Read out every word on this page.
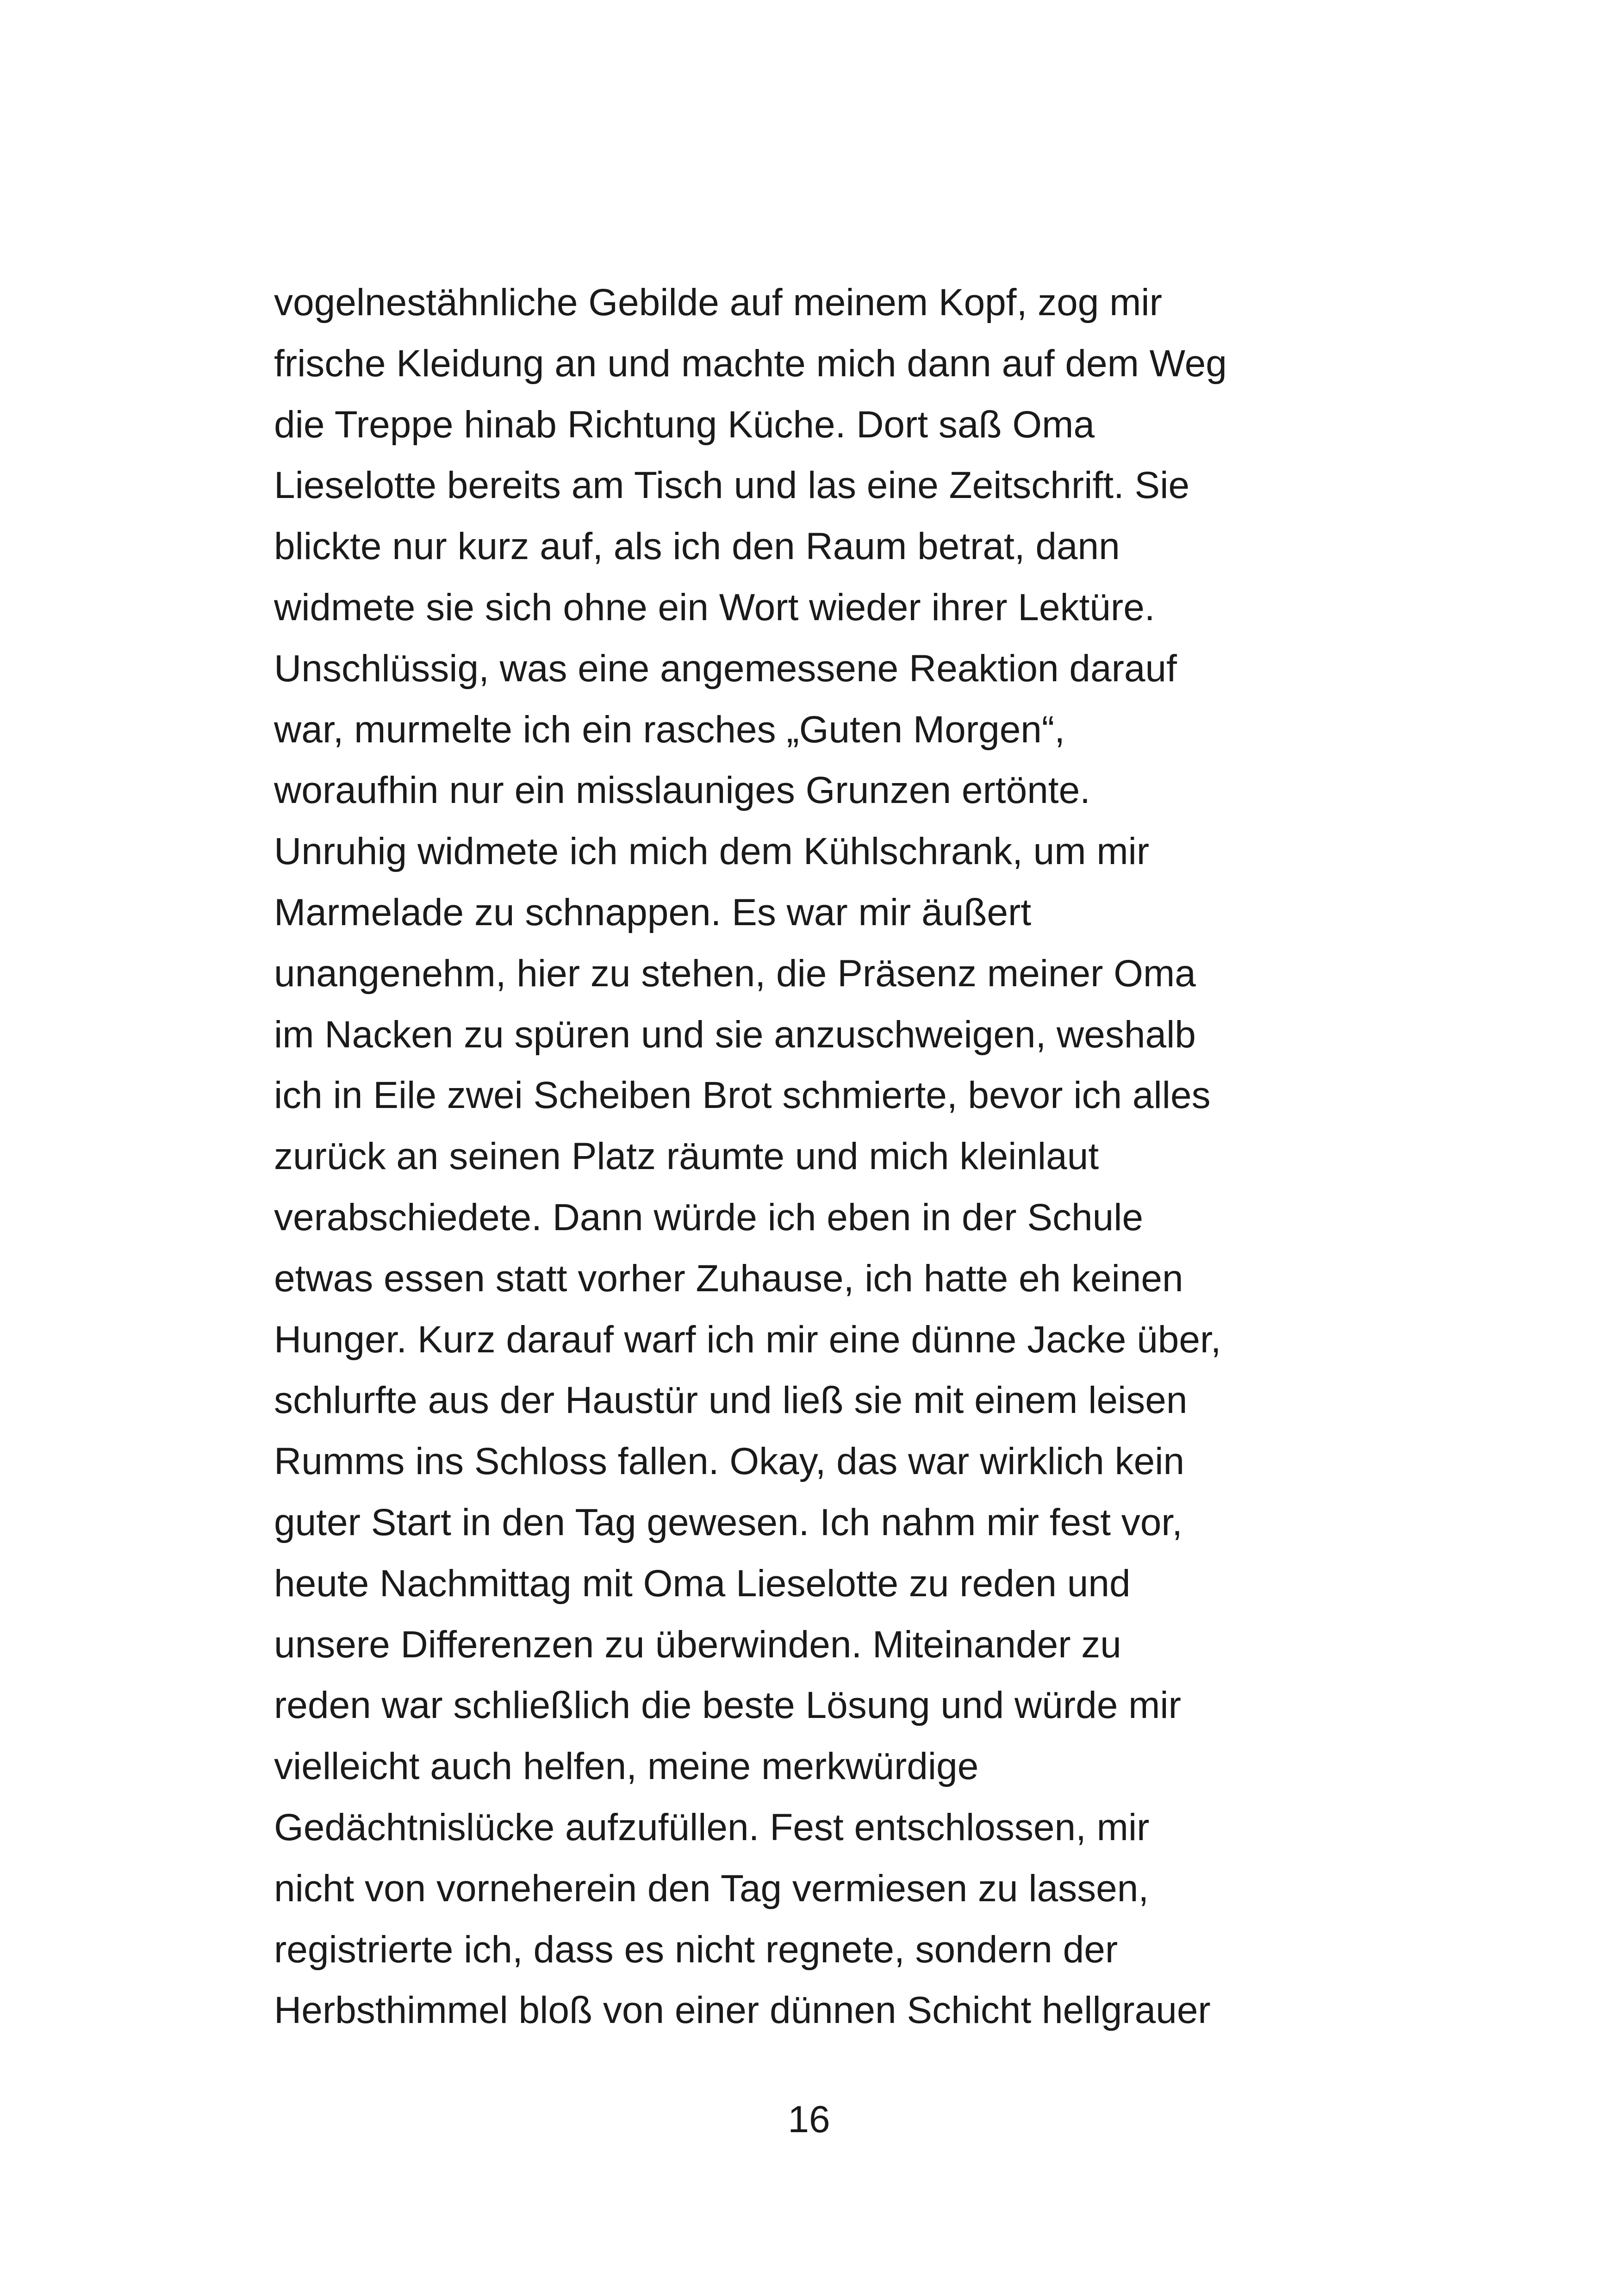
vogelnestähnliche Gebilde auf meinem Kopf, zog mir
frische Kleidung an und machte mich dann auf dem Weg
die Treppe hinab Richtung Küche. Dort saß Oma
Lieselotte bereits am Tisch und las eine Zeitschrift. Sie
blickte nur kurz auf, als ich den Raum betrat, dann
widmete sie sich ohne ein Wort wieder ihrer Lektüre.
Unschlüssig, was eine angemessene Reaktion darauf
war, murmelte ich ein rasches „Guten Morgen“,
woraufhin nur ein misslauniges Grunzen ertönte.
Unruhig widmete ich mich dem Kühlschrank, um mir
Marmelade zu schnappen. Es war mir äußert
unangenehm, hier zu stehen, die Präsenz meiner Oma
im Nacken zu spüren und sie anzuschweigen, weshalb
ich in Eile zwei Scheiben Brot schmierte, bevor ich alles
zurück an seinen Platz räumte und mich kleinlaut
verabschiedete. Dann würde ich eben in der Schule
etwas essen statt vorher Zuhause, ich hatte eh keinen
Hunger. Kurz darauf warf ich mir eine dünne Jacke über,
schlurfte aus der Haustür und ließ sie mit einem leisen
Rumms ins Schloss fallen. Okay, das war wirklich kein
guter Start in den Tag gewesen. Ich nahm mir fest vor,
heute Nachmittag mit Oma Lieselotte zu reden und
unsere Differenzen zu überwinden. Miteinander zu
reden war schließlich die beste Lösung und würde mir
vielleicht auch helfen, meine merkwürdige
Gedächtnislücke aufzufüllen. Fest entschlossen, mir
nicht von vorneherein den Tag vermiesen zu lassen,
registrierte ich, dass es nicht regnete, sondern der
Herbsthimmel bloß von einer dünnen Schicht hellgrauer
16
